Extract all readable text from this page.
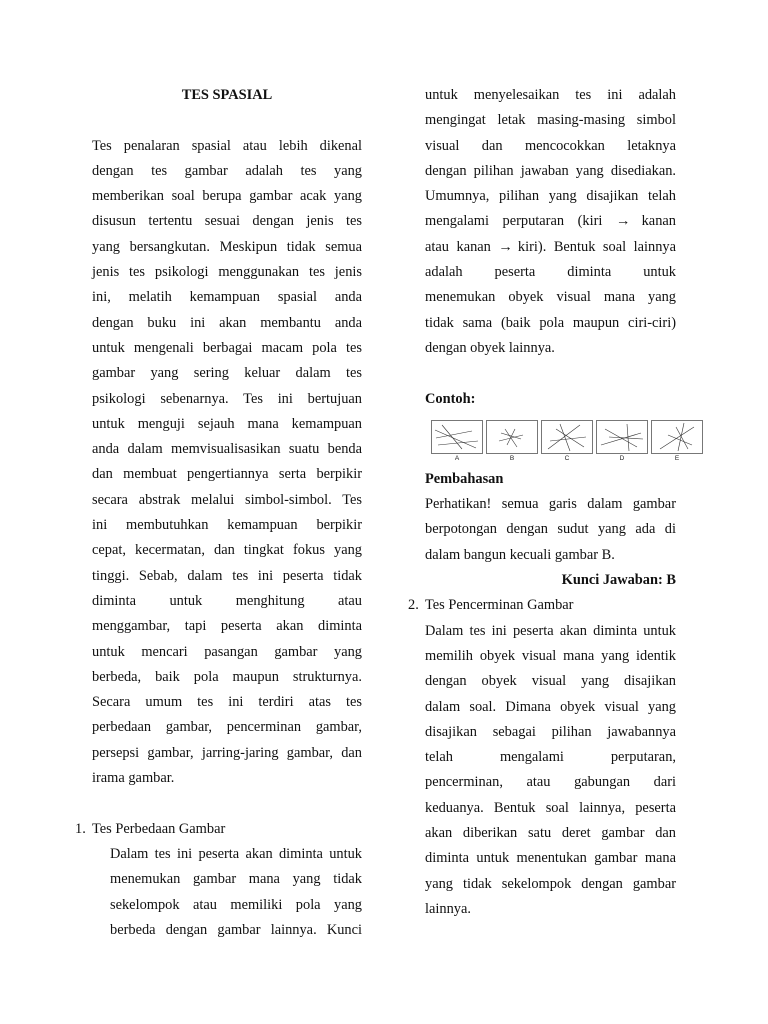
TES SPASIAL

Tes penalaran spasial atau lebih dikenal

dengan tes gambar adalah tes yang

memberikan soal berupa gambar acak yang

disusun tertentu sesuai dengan jenis tes

yang bersangkutan. Meskipun tidak semua

jenis tes psikologi menggunakan tes jenis

ini, melatih kemampuan spasial anda

dengan buku ini akan membantu anda

untuk mengenali berbagai macam pola tes

gambar yang sering keluar dalam tes

psikologi sebenarnya. Tes ini bertujuan

untuk menguji sejauh mana kemampuan

anda dalam memvisualisasikan suatu benda

dan membuat pengertiannya serta berpikir

secara abstrak melalui simbol-simbol. Tes

ini membutuhkan kemampuan berpikir

cepat, kecermatan, dan tingkat fokus yang

tinggi. Sebab, dalam tes ini peserta tidak

diminta untuk menghitung atau

menggambar, tapi peserta akan diminta

untuk mencari pasangan gambar yang

berbeda, baik pola maupun strukturnya.

Secara umum tes ini terdiri atas tes

perbedaan gambar, pencerminan gambar,

persepsi gambar, jarring-jaring gambar, dan

irama gambar.

1. Tes Perbedaan Gambar

Dalam tes ini peserta akan diminta untuk

menemukan gambar mana yang tidak

sekelompok atau memiliki pola yang

berbeda dengan gambar lainnya. Kunci

untuk menyelesaikan tes ini adalah

mengingat letak masing-masing simbol

visual dan mencocokkan letaknya

dengan pilihan jawaban yang disediakan.

Umumnya, pilihan yang disajikan telah

mengalami perputaran (kiri → kanan

atau kanan → kiri). Bentuk soal lainnya

adalah peserta diminta untuk

menemukan obyek visual mana yang

tidak sama (baik pola maupun ciri-ciri)

dengan obyek lainnya.

Contoh:

A	B	C	D	E

Pembahasan

Perhatikan! semua garis dalam gambar

berpotongan dengan sudut yang ada di

dalam bangun kecuali gambar B.

Kunci Jawaban: B

2. Tes Pencerminan Gambar

Dalam tes ini peserta akan diminta untuk

memilih obyek visual mana yang identik

dengan obyek visual yang disajikan

dalam soal. Dimana obyek visual yang

disajikan sebagai pilihan jawabannya

telah mengalami perputaran,

pencerminan, atau gabungan dari

keduanya. Bentuk soal lainnya, peserta

akan diberikan satu deret gambar dan

diminta untuk menentukan gambar mana

yang tidak sekelompok dengan gambar

lainnya.
